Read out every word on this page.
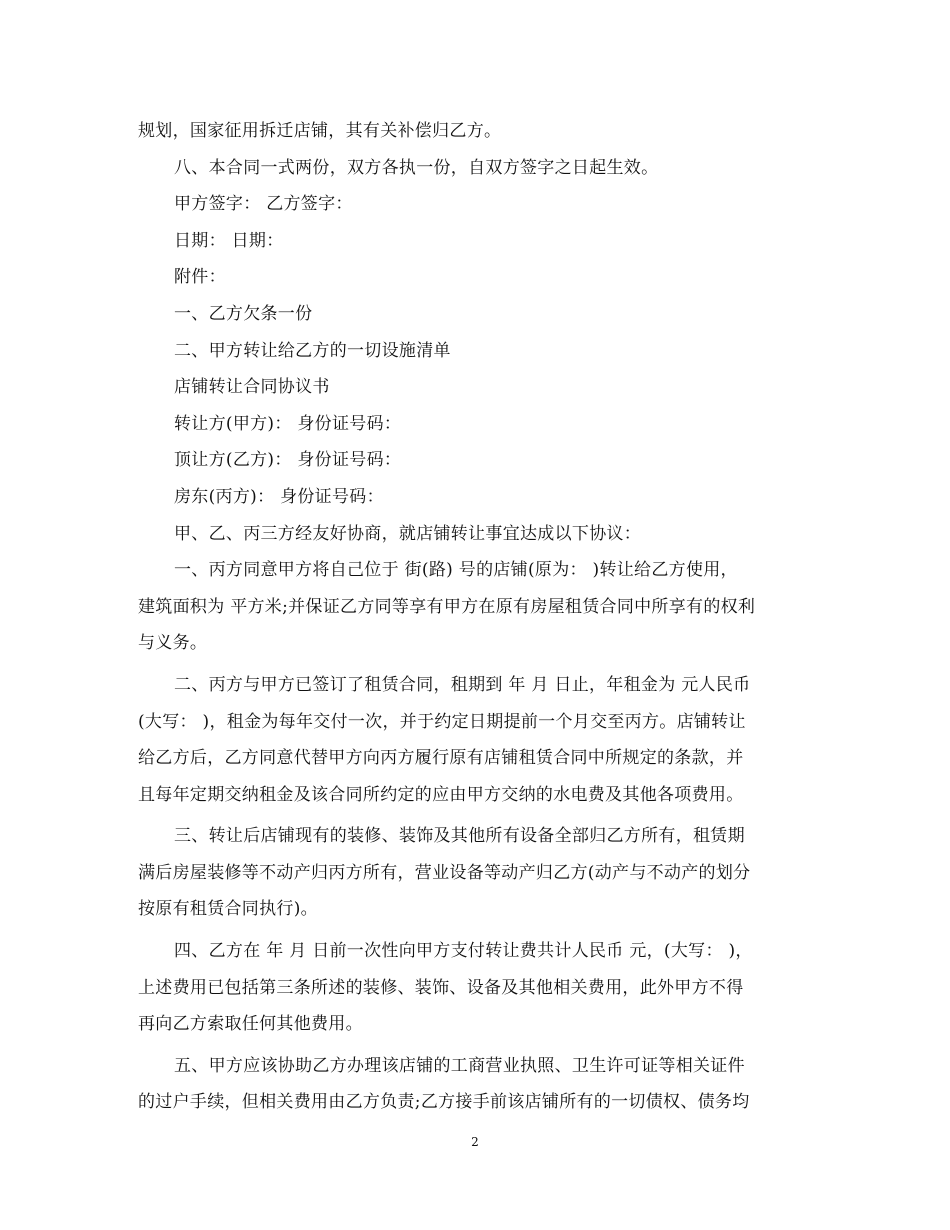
规划，国家征用拆迁店铺，其有关补偿归乙方。
八、本合同一式两份，双方各执一份，自双方签字之日起生效。
甲方签字： 乙方签字：
日期： 日期：
附件：
一、乙方欠条一份
二、甲方转让给乙方的一切设施清单
店铺转让合同协议书
转让方(甲方)： 身份证号码：
顶让方(乙方)： 身份证号码：
房东(丙方)： 身份证号码：
甲、乙、丙三方经友好协商，就店铺转让事宜达成以下协议：
一、丙方同意甲方将自己位于 街(路) 号的店铺(原为： )转让给乙方使用，
建筑面积为 平方米;并保证乙方同等享有甲方在原有房屋租赁合同中所享有的权利
与义务。
二、丙方与甲方已签订了租赁合同，租期到 年 月 日止，年租金为 元人民币
(大写： )，租金为每年交付一次，并于约定日期提前一个月交至丙方。店铺转让
给乙方后，乙方同意代替甲方向丙方履行原有店铺租赁合同中所规定的条款，并
且每年定期交纳租金及该合同所约定的应由甲方交纳的水电费及其他各项费用。
三、转让后店铺现有的装修、装饰及其他所有设备全部归乙方所有，租赁期
满后房屋装修等不动产归丙方所有，营业设备等动产归乙方(动产与不动产的划分
按原有租赁合同执行)。
四、乙方在 年 月 日前一次性向甲方支付转让费共计人民币 元，(大写： )，
上述费用已包括第三条所述的装修、装饰、设备及其他相关费用，此外甲方不得
再向乙方索取任何其他费用。
五、甲方应该协助乙方办理该店铺的工商营业执照、卫生许可证等相关证件
的过户手续，但相关费用由乙方负责;乙方接手前该店铺所有的一切债权、债务均
2
